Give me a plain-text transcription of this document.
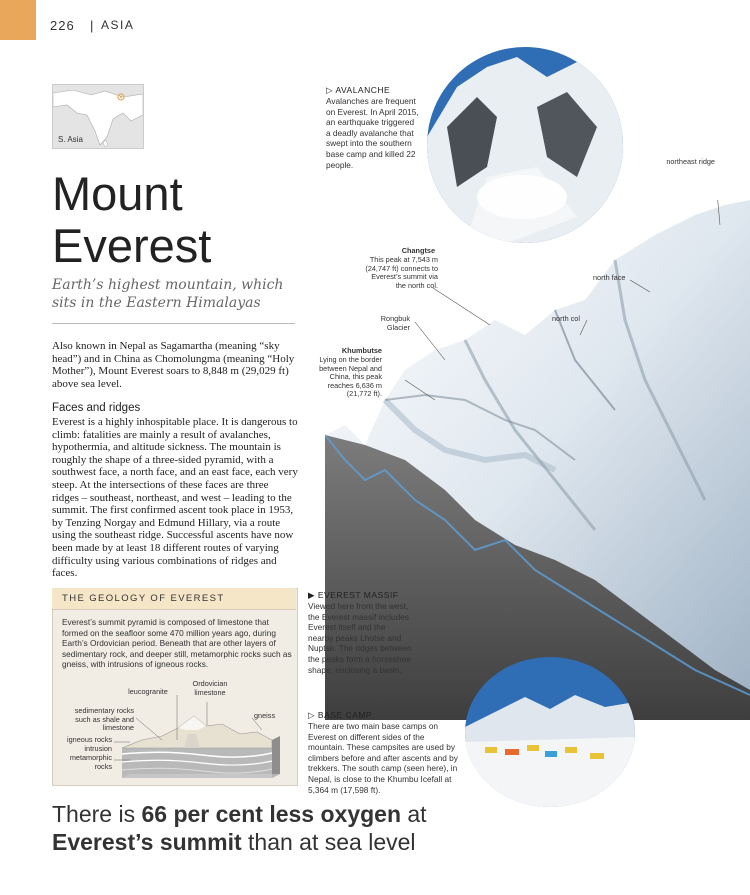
226 | ASIA
S. Asia
Mount
Everest
Earth’s highest mountain, which sits in the Eastern Himalayas
Also known in Nepal as Sagamartha (meaning “sky head”) and in China as Chomolungma (meaning “Holy Mother”), Mount Everest soars to 8,848 m (29,029 ft) above sea level.
Faces and ridges
Everest is a highly inhospitable place. It is dangerous to climb: fatalities are mainly a result of avalanches, hypothermia, and altitude sickness. The mountain is roughly the shape of a three-sided pyramid, with a southwest face, a north face, and an east face, each very steep. At the intersections of these faces are three ridges – southeast, northeast, and west – leading to the summit. The first confirmed ascent took place in 1953, by Tenzing Norgay and Edmund Hillary, via a route using the southeast ridge. Successful ascents have now been made by at least 18 different routes of varying difficulty using various combinations of ridges and faces.
THE GEOLOGY OF EVEREST
Everest’s summit pyramid is composed of limestone that formed on the seafloor some 470 million years ago, during Earth’s Ordovician period. Beneath that are other layers of sedimentary rock, and deeper still, metamorphic rocks such as gneiss, with intrusions of igneous rocks.
leucogranite
Ordovician limestone
sedimentary rocks such as shale and limestone
gneiss
igneous rocks intrusion
metamorphic rocks
▷ AVALANCHE
Avalanches are frequent on Everest. In April 2015, an earthquake triggered a deadly avalanche that swept into the southern base camp and killed 22 people.
▶ EVEREST MASSIF
Viewed here from the west, the Everest massif includes Everest itself and the nearby peaks Lhotse and Nuptse. The ridges between the peaks form a horseshoe shape, enclosing a basin.
▷ BASE CAMP
There are two main base camps on Everest on different sides of the mountain. These campsites are used by climbers before and after ascents and by trekkers. The south camp (seen here), in Nepal, is close to the Khumbu Icefall at 5,364 m (17,598 ft).
northeast ridge
Changtse
This peak at 7,543 m (24,747 ft) connects to Everest’s summit via the north col.
north face
north col
Rongbuk Glacier
Khumbutse
Lying on the border between Nepal and China, this peak reaches 6,636 m (21,772 ft).
There is 66 per cent less oxygen at
Everest’s summit than at sea level
